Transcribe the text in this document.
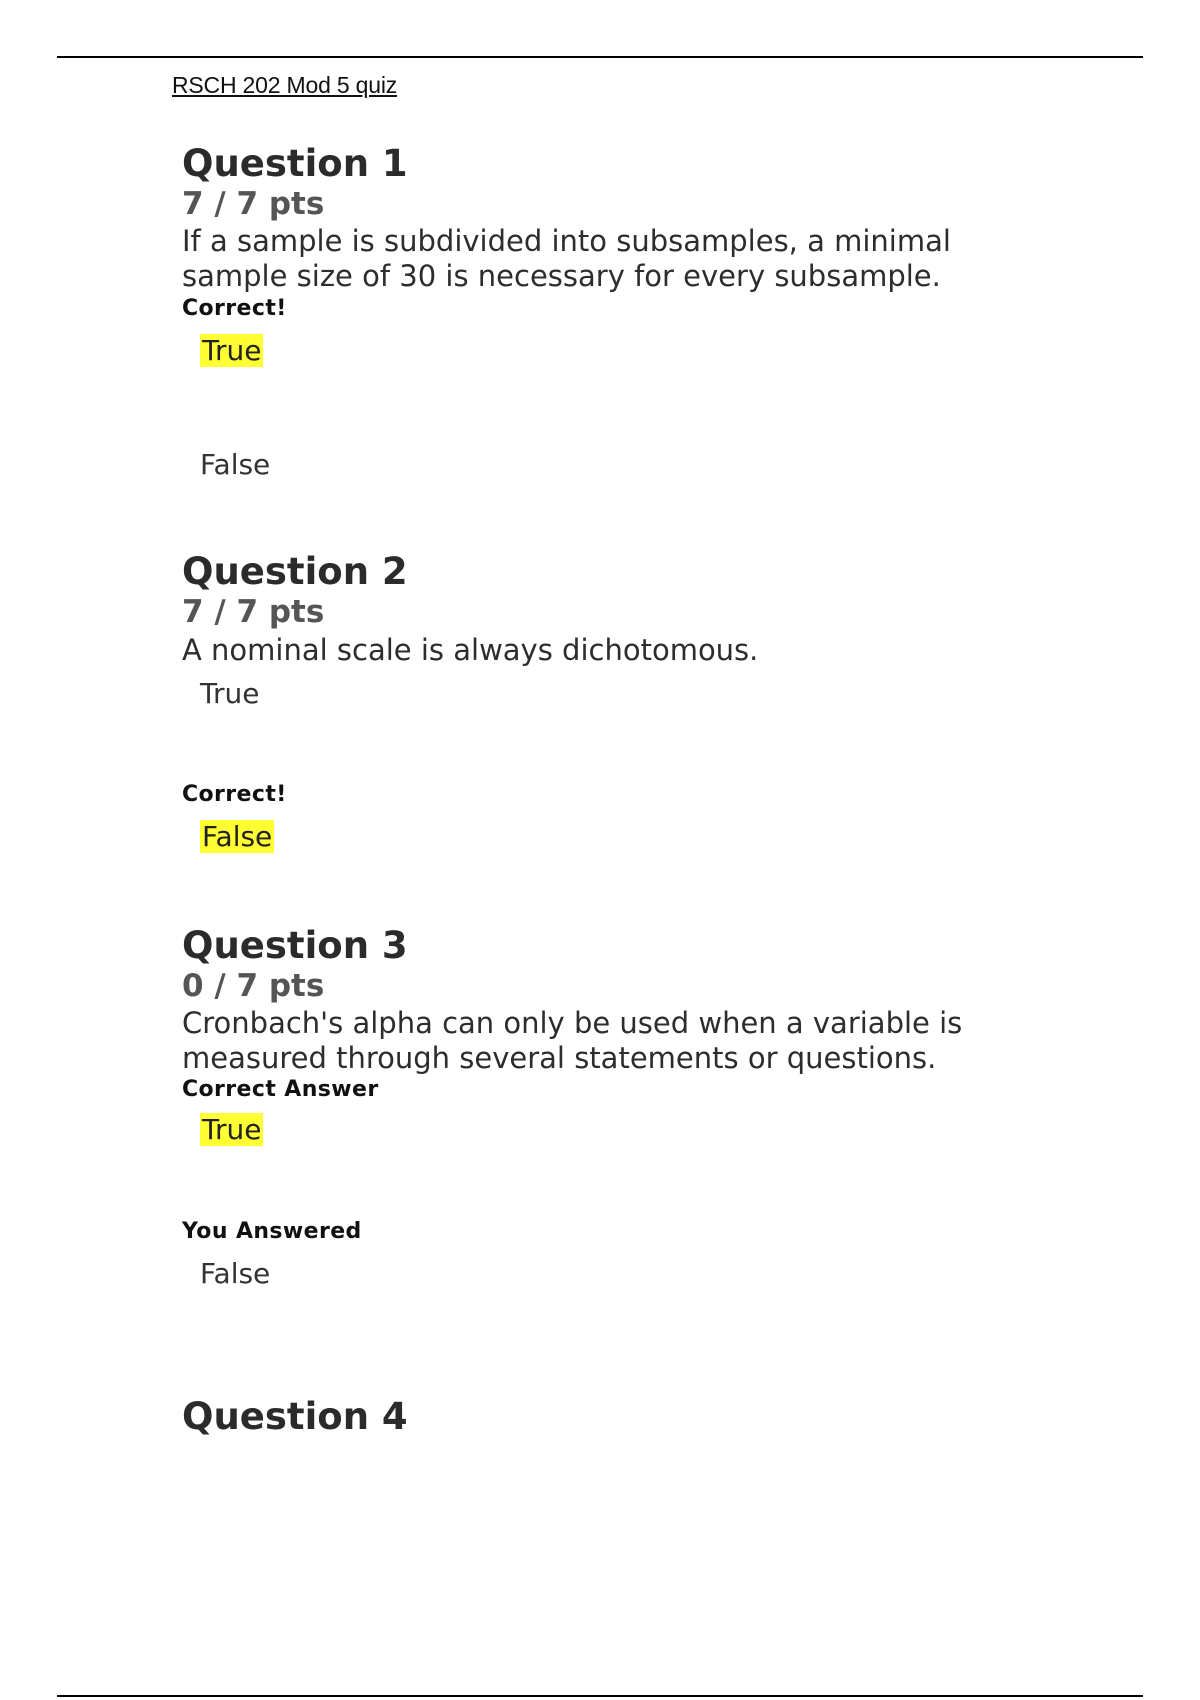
RSCH 202 Mod 5 quiz
Question 1
7 / 7 pts
If a sample is subdivided into subsamples, a minimal
sample size of 30 is necessary for every subsample.
Correct!
True
False
Question 2
7 / 7 pts
A nominal scale is always dichotomous.
True
Correct!
False
Question 3
0 / 7 pts
Cronbach's alpha can only be used when a variable is
measured through several statements or questions.
Correct Answer
True
You Answered
False
Question 4
